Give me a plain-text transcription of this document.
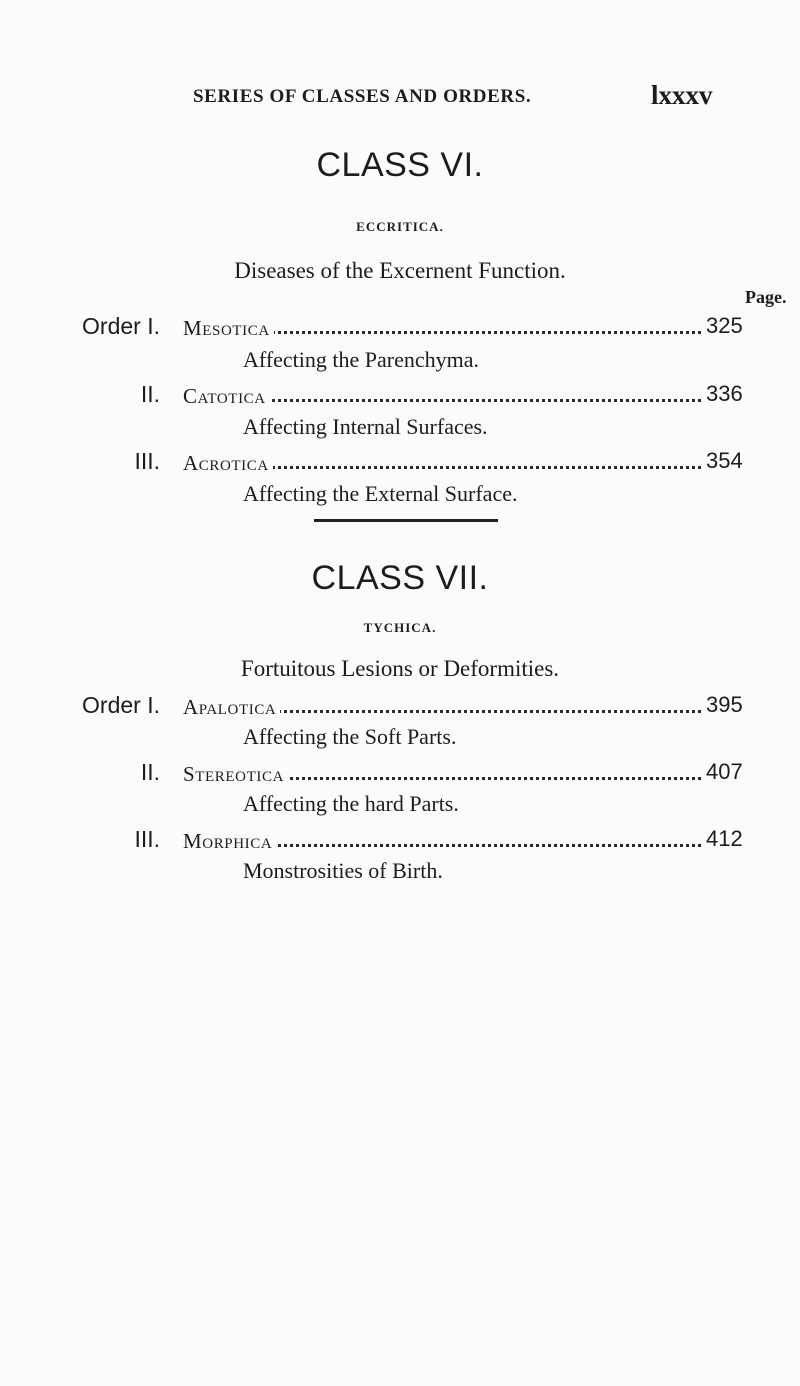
SERIES OF CLASSES AND ORDERS.	lxxxv
CLASS VI.
ECCRITICA.
Diseases of the Excernent Function.
Page.
Order I. Mesotica	325
Affecting the Parenchyma.
II. Catotica	336
Affecting Internal Surfaces.
III. Acrotica	354
Affecting the External Surface.
CLASS VII.
TYCHICA.
Fortuitous Lesions or Deformities.
Order I. Apalotica	395
Affecting the Soft Parts.
II. Stereotica	407
Affecting the hard Parts.
III. Morphica	412
Monstrosities of Birth.
